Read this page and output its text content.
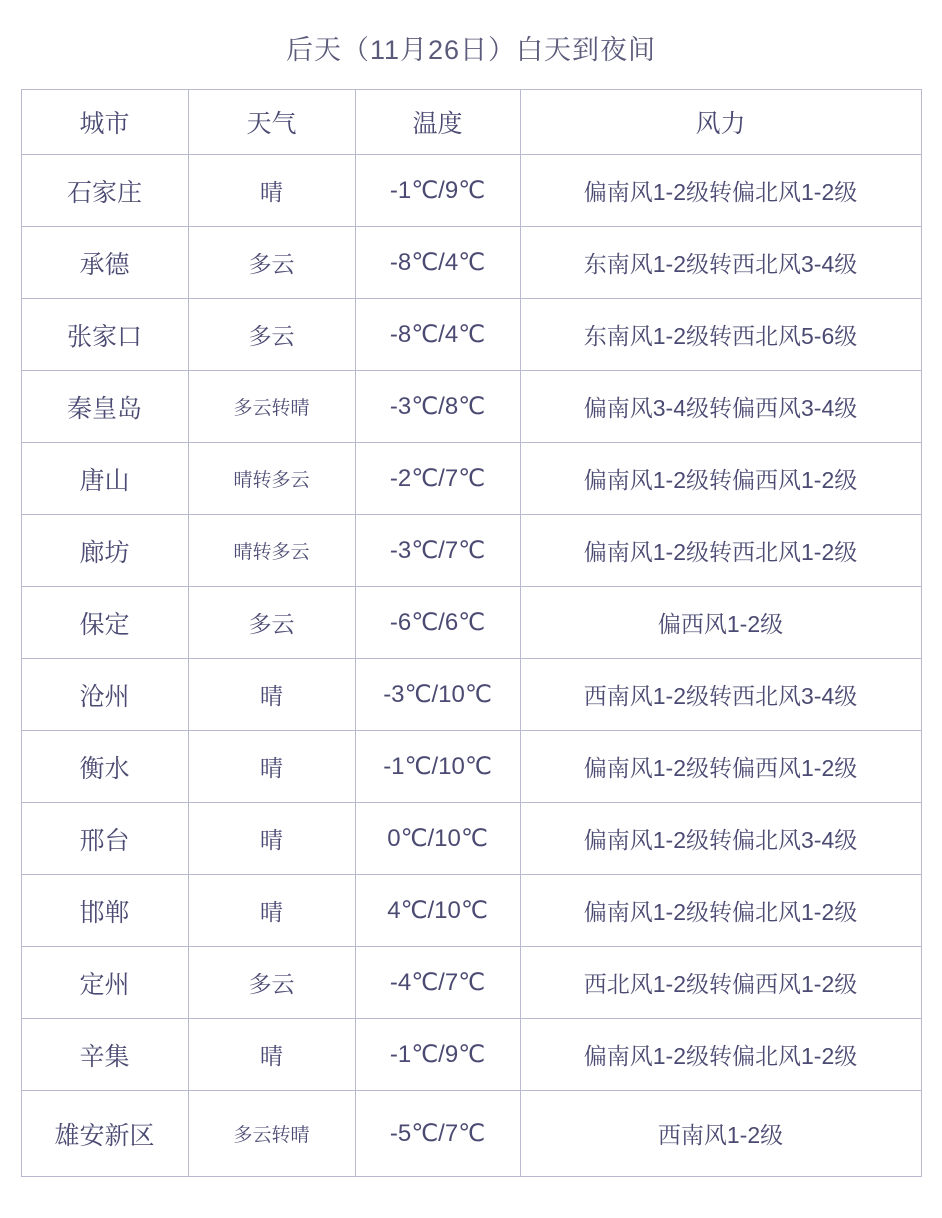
后天（11月26日）白天到夜间
城市	天气	温度	风力
石家庄	晴	-1℃/9℃	偏南风1-2级转偏北风1-2级
承德	多云	-8℃/4℃	东南风1-2级转西北风3-4级
张家口	多云	-8℃/4℃	东南风1-2级转西北风5-6级
秦皇岛	多云转晴	-3℃/8℃	偏南风3-4级转偏西风3-4级
唐山	晴转多云	-2℃/7℃	偏南风1-2级转偏西风1-2级
廊坊	晴转多云	-3℃/7℃	偏南风1-2级转西北风1-2级
保定	多云	-6℃/6℃	偏西风1-2级
沧州	晴	-3℃/10℃	西南风1-2级转西北风3-4级
衡水	晴	-1℃/10℃	偏南风1-2级转偏西风1-2级
邢台	晴	0℃/10℃	偏南风1-2级转偏北风3-4级
邯郸	晴	4℃/10℃	偏南风1-2级转偏北风1-2级
定州	多云	-4℃/7℃	西北风1-2级转偏西风1-2级
辛集	晴	-1℃/9℃	偏南风1-2级转偏北风1-2级
雄安新区	多云转晴	-5℃/7℃	西南风1-2级
